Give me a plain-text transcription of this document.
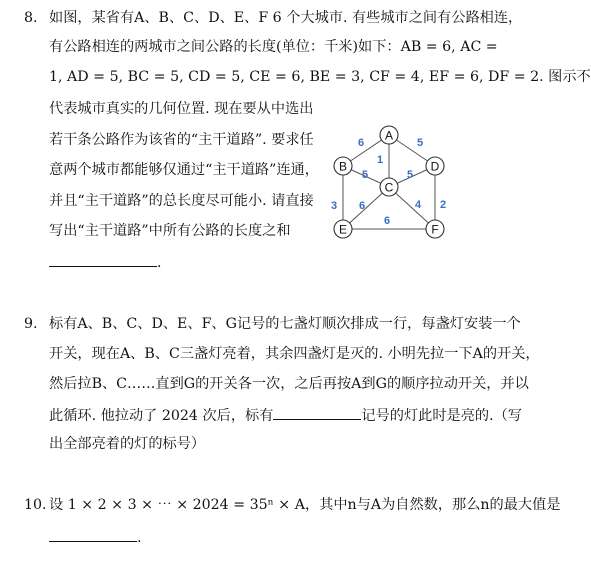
8. 如图，某省有A、B、C、D、E、F 6 个大城市. 有些城市之间有公路相连，
有公路相连的两城市之间公路的长度(单位：千米)如下：AB = 6, AC =
1, AD = 5, BC = 5, CD = 5, CE = 6, BE = 3, CF = 4, EF = 6, DF = 2. 图示不
代表城市真实的几何位置. 现在要从中选出
若干条公路作为该省的“主干道路”. 要求任
意两个城市都能够仅通过“主干道路”连通，
并且“主干道路”的总长度尽可能小. 请直接
写出“主干道路”中所有公路的长度之和
.
6
1
5
5	5
6
3	4
6
2
A
B
C
D
E	F
9. 标有A、B、C、D、E、F、G记号的七盏灯顺次排成一行，每盏灯安装一个
开关，现在A、B、C三盏灯亮着，其余四盏灯是灭的. 小明先拉一下A的开关，
然后拉B、C……直到G的开关各一次，之后再按A到G的顺序拉动开关，并以
此循环. 他拉动了 2024 次后，标有	记号的灯此时是亮的.（写
出全部亮着的灯的标号）
10. 设 1 × 2 × 3 × ⋯ × 2024 = 35ⁿ × A，其中n与A为自然数，那么n的最大值是
.
